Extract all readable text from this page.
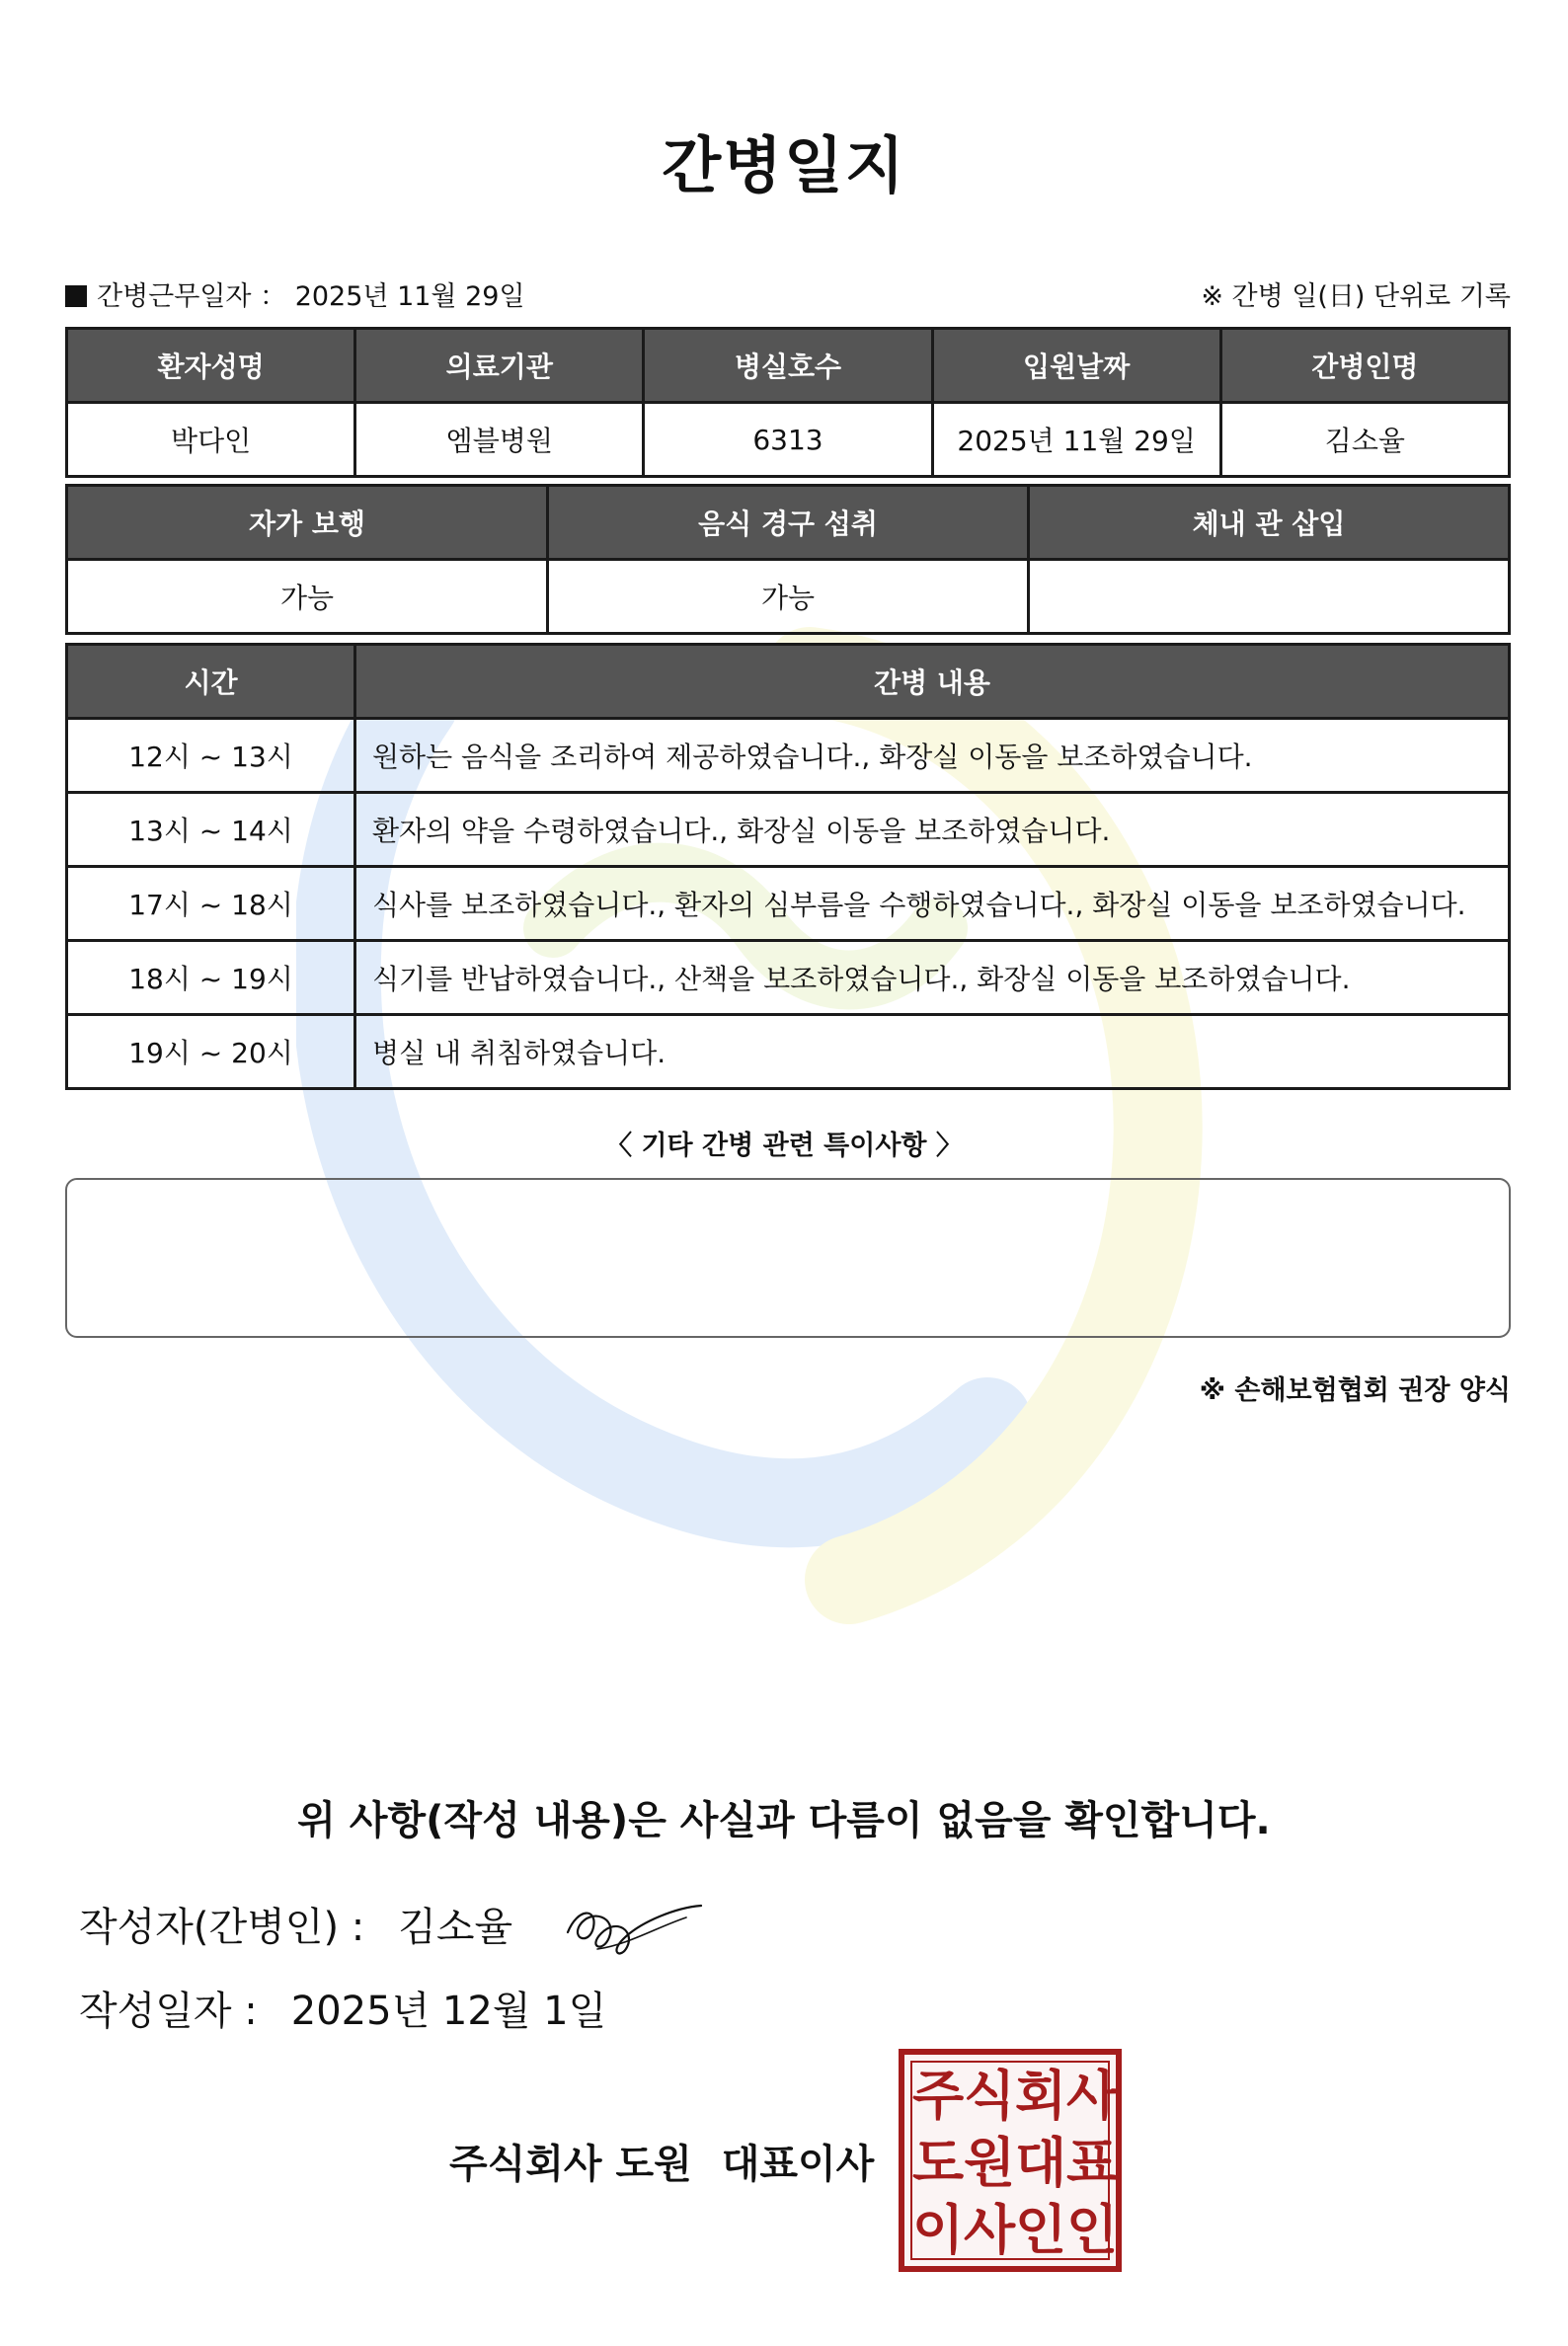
간병일지
간병근무일자 ： 2025년 11월 29일	※ 간병 일(日) 단위로 기록
환자성명	의료기관	병실호수	입원날짜	간병인명
박다인	엠블병원	6313	2025년 11월 29일	김소율
자가 보행	음식 경구 섭취	체내 관 삽입
가능	가능	
시간	간병 내용
12시 ~ 13시	원하는 음식을 조리하여 제공하였습니다., 화장실 이동을 보조하였습니다.
13시 ~ 14시	환자의 약을 수령하였습니다., 화장실 이동을 보조하였습니다.
17시 ~ 18시	식사를 보조하였습니다., 환자의 심부름을 수행하였습니다., 화장실 이동을 보조하였습니다.
18시 ~ 19시	식기를 반납하였습니다., 산책을 보조하였습니다., 화장실 이동을 보조하였습니다.
19시 ~ 20시	병실 내 취침하였습니다.
〈 기타 간병 관련 특이사항 〉
※ 손해보험협회 권장 양식
위 사항(작성 내용)은 사실과 다름이 없음을 확인합니다.
작성자(간병인) : 김소율
작성일자 : 2025년 12월 1일
주식회사 도원 대표이사
주 식 회 사
도 원 대 표
이 사 인 인
